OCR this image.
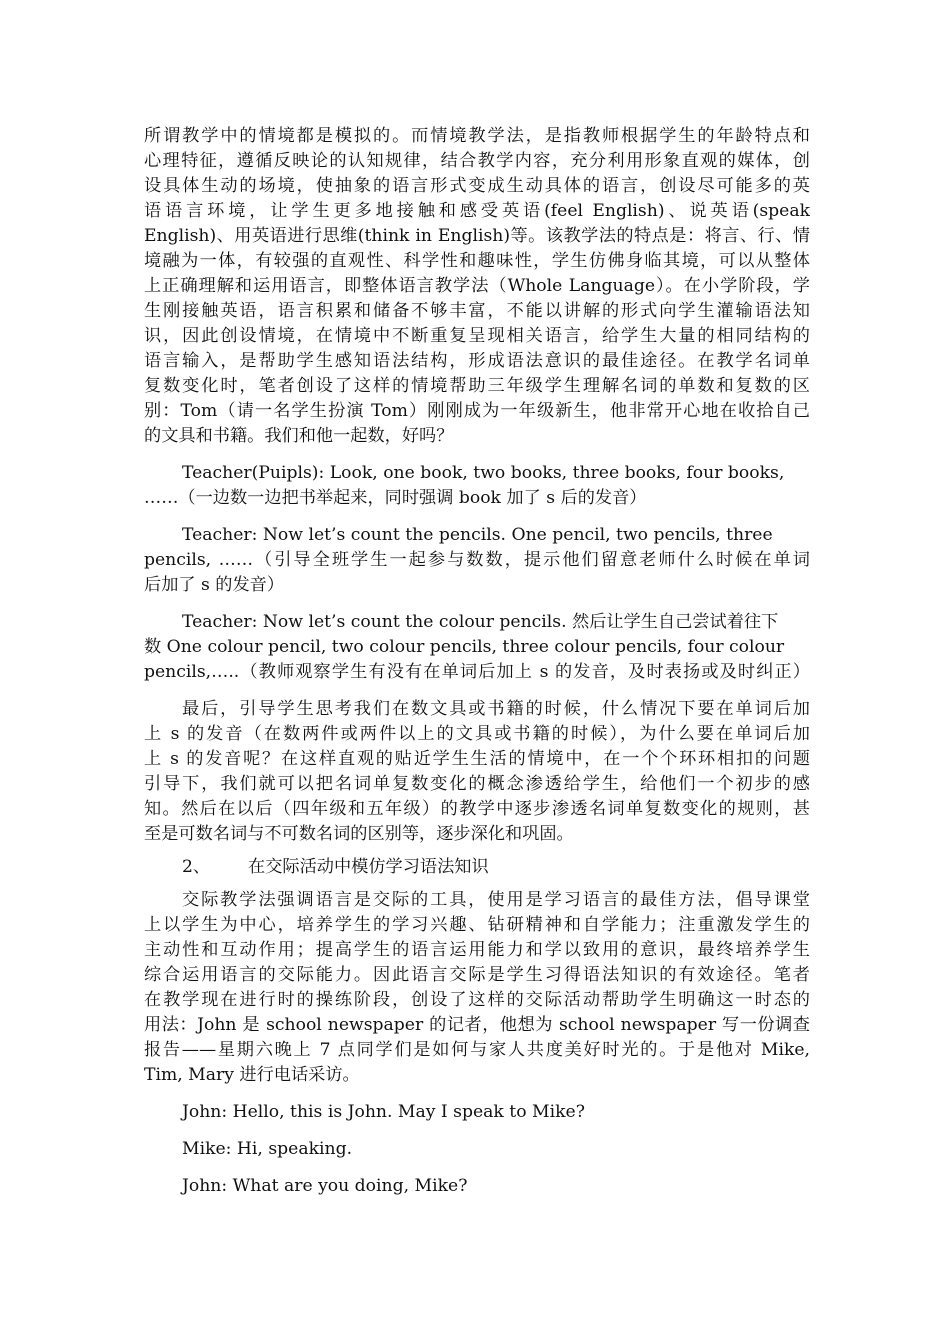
所谓教学中的情境都是模拟的。而情境教学法，是指教师根据学生的年龄特点和
心理特征，遵循反映论的认知规律，结合教学内容，充分利用形象直观的媒体，创
设具体生动的场境，使抽象的语言形式变成生动具体的语言，创设尽可能多的英
语语言环境，让学生更多地接触和感受英语(feel English)、说英语(speak
English)、用英语进行思维(think in English)等。该教学法的特点是：将言、行、情
境融为一体，有较强的直观性、科学性和趣味性，学生仿佛身临其境，可以从整体
上正确理解和运用语言，即整体语言教学法（Whole Language）。在小学阶段，学
生刚接触英语，语言积累和储备不够丰富，不能以讲解的形式向学生灌输语法知
识，因此创设情境，在情境中不断重复呈现相关语言，给学生大量的相同结构的
语言输入，是帮助学生感知语法结构，形成语法意识的最佳途径。在教学名词单
复数变化时，笔者创设了这样的情境帮助三年级学生理解名词的单数和复数的区
别：Tom（请一名学生扮演 Tom）刚刚成为一年级新生，他非常开心地在收拾自己
的文具和书籍。我们和他一起数，好吗？
Teacher(Puipls): Look, one book, two books, three books, four books,
……（一边数一边把书举起来，同时强调 book 加了 s 后的发音）
Teacher: Now let’s count the pencils. One pencil, two pencils, three
pencils, ……（引导全班学生一起参与数数，提示他们留意老师什么时候在单词
后加了 s 的发音）
Teacher: Now let’s count the colour pencils. 然后让学生自己尝试着往下
数 One colour pencil, two colour pencils, three colour pencils, four colour
pencils,…..（教师观察学生有没有在单词后加上 s 的发音，及时表扬或及时纠正）
最后，引导学生思考我们在数文具或书籍的时候，什么情况下要在单词后加
上 s 的发音（在数两件或两件以上的文具或书籍的时候），为什么要在单词后加
上 s 的发音呢？在这样直观的贴近学生生活的情境中，在一个个环环相扣的问题
引导下，我们就可以把名词单复数变化的概念渗透给学生，给他们一个初步的感
知。然后在以后（四年级和五年级）的教学中逐步渗透名词单复数变化的规则，甚
至是可数名词与不可数名词的区别等，逐步深化和巩固。
2、 在交际活动中模仿学习语法知识
交际教学法强调语言是交际的工具，使用是学习语言的最佳方法，倡导课堂
上以学生为中心，培养学生的学习兴趣、钻研精神和自学能力；注重激发学生的
主动性和互动作用；提高学生的语言运用能力和学以致用的意识，最终培养学生
综合运用语言的交际能力。因此语言交际是学生习得语法知识的有效途径。笔者
在教学现在进行时的操练阶段，创设了这样的交际活动帮助学生明确这一时态的
用法：John 是 school newspaper 的记者，他想为 school newspaper 写一份调查
报告——星期六晚上 7 点同学们是如何与家人共度美好时光的。于是他对 Mike,
Tim, Mary 进行电话采访。
John: Hello, this is John. May I speak to Mike?
Mike: Hi, speaking.
John: What are you doing, Mike?
